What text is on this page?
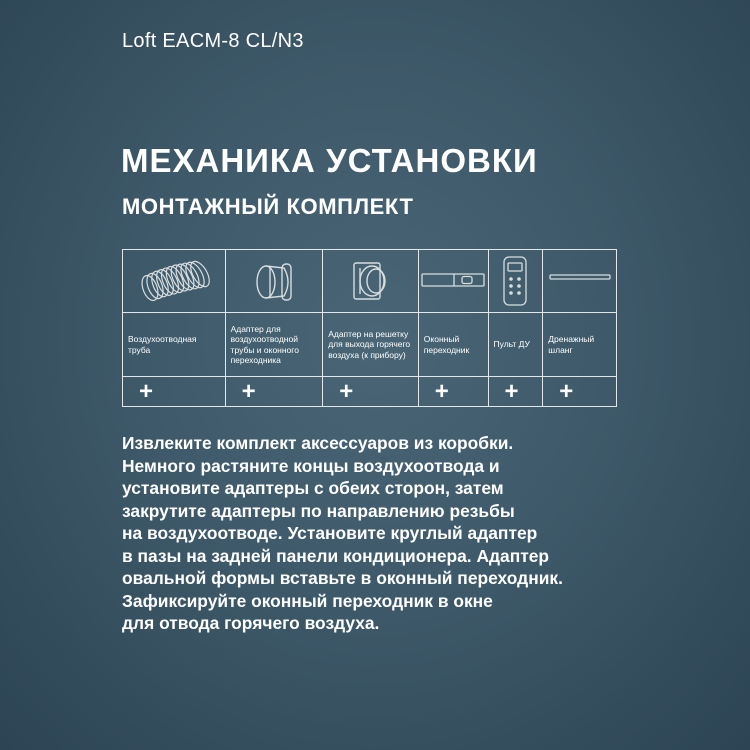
Loft EACM-8 CL/N3
МЕХАНИКА УСТАНОВКИ
МОНТАЖНЫЙ КОМПЛЕКТ
Воздухоотводная труба
+
Адаптер для воздухоотводной трубы и оконного переходника
+
Адаптер на решетку для выхода горячего воздуха (к прибору)
+
Оконный переходник
+
Пульт ДУ
+
Дренажный шланг
+
Извлеките комплект аксессуаров из коробки.
Немного растяните концы воздухоотвода и
установите адаптеры с обеих сторон, затем
закрутите адаптеры по направлению резьбы
на воздухоотводе. Установите круглый адаптер
в пазы на задней панели кондиционера. Адаптер
овальной формы вставьте в оконный переходник.
Зафиксируйте оконный переходник в окне
для отвода горячего воздуха.
